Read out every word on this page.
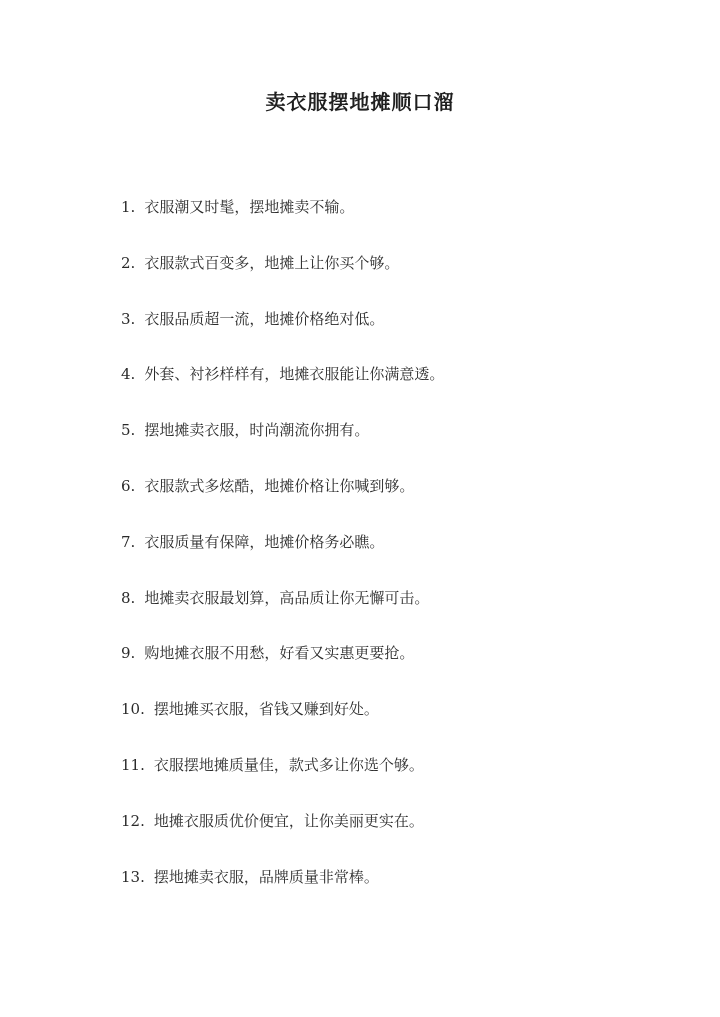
卖衣服摆地摊顺口溜
1. 衣服潮又时髦，摆地摊卖不输。
2. 衣服款式百变多，地摊上让你买个够。
3. 衣服品质超一流，地摊价格绝对低。
4. 外套、衬衫样样有，地摊衣服能让你满意透。
5. 摆地摊卖衣服，时尚潮流你拥有。
6. 衣服款式多炫酷，地摊价格让你喊到够。
7. 衣服质量有保障，地摊价格务必瞧。
8. 地摊卖衣服最划算，高品质让你无懈可击。
9. 购地摊衣服不用愁，好看又实惠更要抢。
10. 摆地摊买衣服，省钱又赚到好处。
11. 衣服摆地摊质量佳，款式多让你选个够。
12. 地摊衣服质优价便宜，让你美丽更实在。
13. 摆地摊卖衣服，品牌质量非常棒。
